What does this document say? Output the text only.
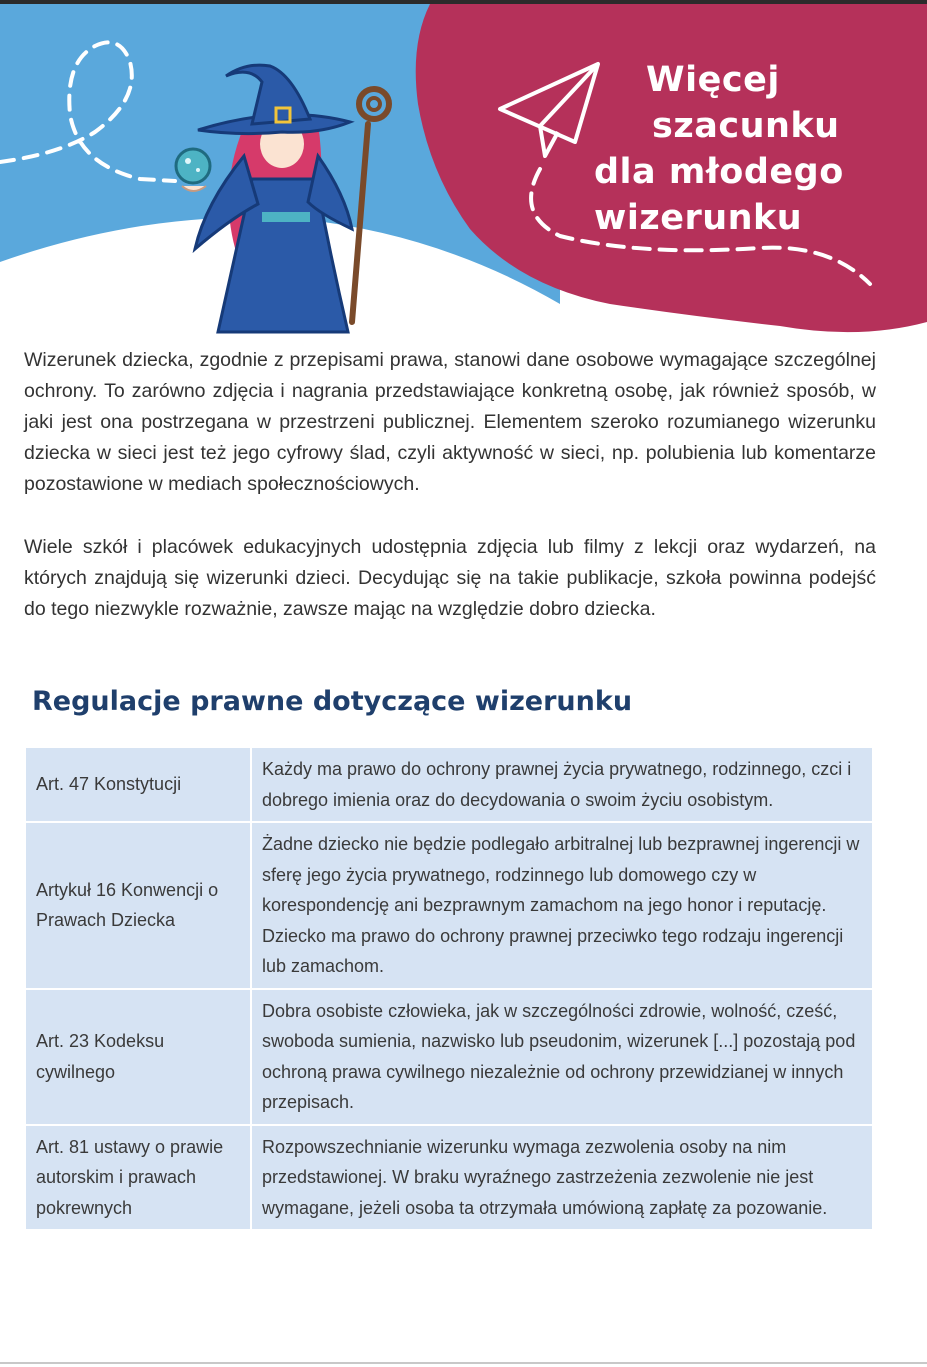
Więcej
szacunku
dla młodego
wizerunku

Wizerunek dziecka, zgodnie z przepisami prawa, stanowi dane osobowe wymagające szczególnej ochrony. To zarówno zdjęcia i nagrania przedstawiające konkretną osobę, jak również sposób, w jaki jest ona postrzegana w przestrzeni publicznej. Elementem szeroko rozumianego wizerunku dziecka w sieci jest też jego cyfrowy ślad, czyli aktywność w sieci, np. polubienia lub komentarze pozostawione w mediach społecznościowych.

Wiele szkół i placówek edukacyjnych udostępnia zdjęcia lub filmy z lekcji oraz wydarzeń, na których znajdują się wizerunki dzieci. Decydując się na takie publikacje, szkoła powinna podejść do tego niezwykle rozważnie, zawsze mając na względzie dobro dziecka.

Regulacje prawne dotyczące wizerunku
Art. 47 Konstytucji	Każdy ma prawo do ochrony prawnej życia prywatnego, rodzinnego, czci i dobrego imienia oraz do decydowania o swoim życiu osobistym.
Artykuł 16 Konwencji o Prawach Dziecka	Żadne dziecko nie będzie podlegało arbitralnej lub bezprawnej ingerencji w sferę jego życia prywatnego, rodzinnego lub domowego czy w korespondencję ani bezprawnym zamachom na jego honor i reputację. Dziecko ma prawo do ochrony prawnej przeciwko tego rodzaju ingerencji lub zamachom.
Art. 23 Kodeksu cywilnego	Dobra osobiste człowieka, jak w szczególności zdrowie, wolność, cześć, swoboda sumienia, nazwisko lub pseudonim, wizerunek [...] pozostają pod ochroną prawa cywilnego niezależnie od ochrony przewidzianej w innych przepisach.
Art. 81 ustawy o prawie autorskim i prawach pokrewnych	Rozpowszechnianie wizerunku wymaga zezwolenia osoby na nim przedstawionej. W braku wyraźnego zastrzeżenia zezwolenie nie jest wymagane, jeżeli osoba ta otrzymała umówioną zapłatę za pozowanie.
